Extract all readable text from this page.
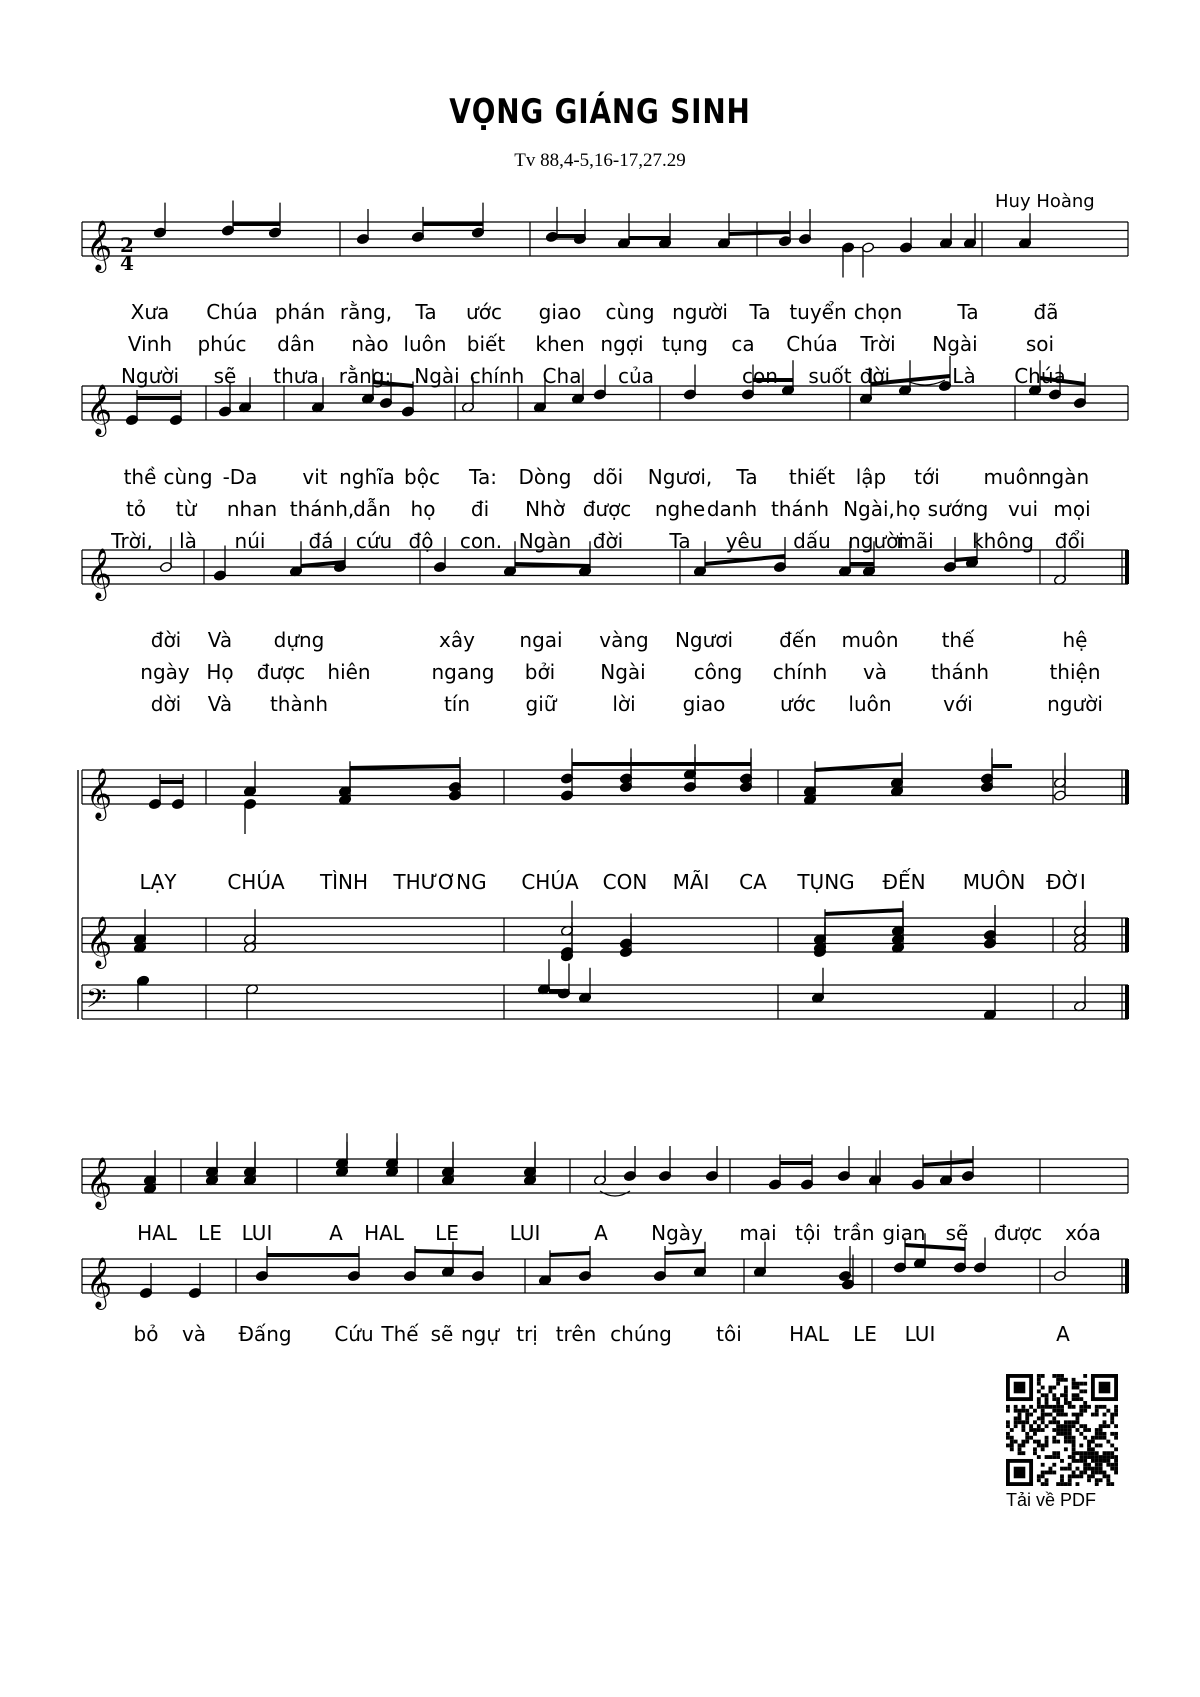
VỌNG GIÁNG SINH
Tv 88,4-5,16-17,27.29
Huy Hoàng
𝄞
𝄞
𝄞
𝄞
𝄞
𝄢
𝄞
𝄞
2
4
Xưa Chúa phán rằng, Ta ước giao cùng người Ta tuyển chọn	Ta	đã
Vinh phúc dân nào luôn biết khen ngợi tụng ca Chúa Trời Ngài soi
Người sẽ thưa rằng: Ngài chính Cha của	con suốt đời.	Là Chúa
thề cùng -Da vit nghĩa bộc Ta: Dòng dõi Ngươi, Ta thiết lập tới muôn
ngàn
tỏ từ nhan thánh,
dẫn họ đi Nhờ được nghe danh thánh Ngài, họ sướng vui mọi
Trời, là núi đá cứu độ con. Ngàn đời Ta yêu dấu người
mãi không đổi
đời Và dựng	xây ngai vàng Ngươi đến muôn thế	hệ
ngày Họ được hiên	ngang bởi Ngài công chính và thánh	thiện
dời Và thành	tín	giữ	lời giao	ước luôn	với	người
LẠY	CHÚA TÌNH THƯƠNG CHÚA CON MÃI CA TỤNG ĐẾN MUÔN ĐỜI
HAL LE LUI	A HAL LE	LUI	A Ngày mai tội trần gian sẽ được xóa
bỏ và Đấng Cứu Thế sẽ ngự trị trên chúng tôi HAL LE LUI	A
Tải về PDF
